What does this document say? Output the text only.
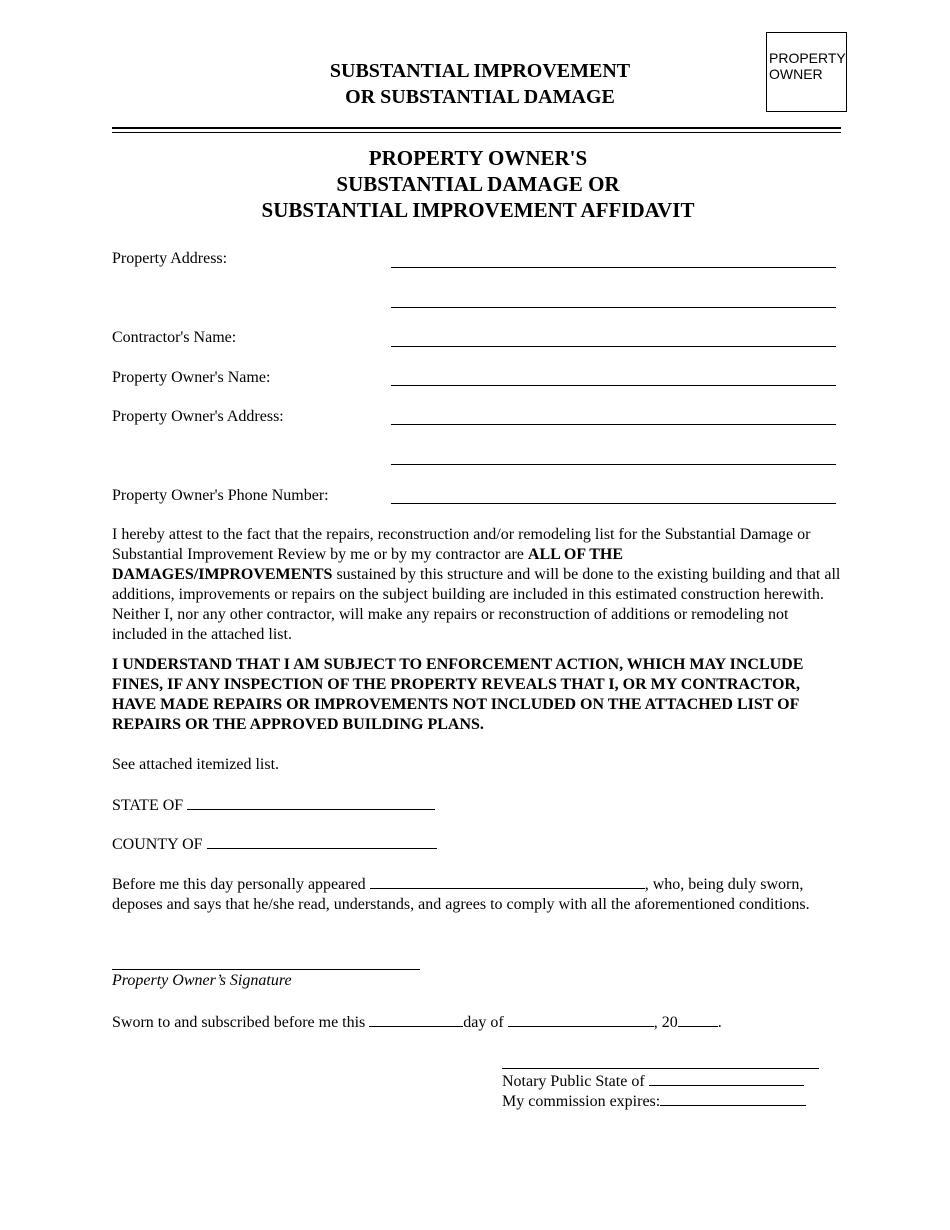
SUBSTANTIAL IMPROVEMENT
OR SUBSTANTIAL DAMAGE
PROPERTY
OWNER
PROPERTY OWNER'S
SUBSTANTIAL DAMAGE OR
SUBSTANTIAL IMPROVEMENT AFFIDAVIT
Property Address:
Contractor's Name:
Property Owner's Name:
Property Owner's Address:
Property Owner's Phone Number:
I hereby attest to the fact that the repairs, reconstruction and/or remodeling list for the Substantial Damage or Substantial Improvement Review by me or by my contractor are ALL OF THE DAMAGES/IMPROVEMENTS sustained by this structure and will be done to the existing building and that all additions, improvements or repairs on the subject building are included in this estimated construction herewith. Neither I, nor any other contractor, will make any repairs or reconstruction of additions or remodeling not included in the attached list.
I UNDERSTAND THAT I AM SUBJECT TO ENFORCEMENT ACTION, WHICH MAY INCLUDE FINES, IF ANY INSPECTION OF THE PROPERTY REVEALS THAT I, OR MY CONTRACTOR, HAVE MADE REPAIRS OR IMPROVEMENTS NOT INCLUDED ON THE ATTACHED LIST OF REPAIRS OR THE APPROVED BUILDING PLANS.
See attached itemized list.
STATE OF
COUNTY OF
Before me this day personally appeared	, who, being duly sworn, deposes and says that he/she read, understands, and agrees to comply with all the aforementioned conditions.
Property Owner’s Signature
Sworn to and subscribed before me this	day of	, 20	.
Notary Public State of
My commission expires:
